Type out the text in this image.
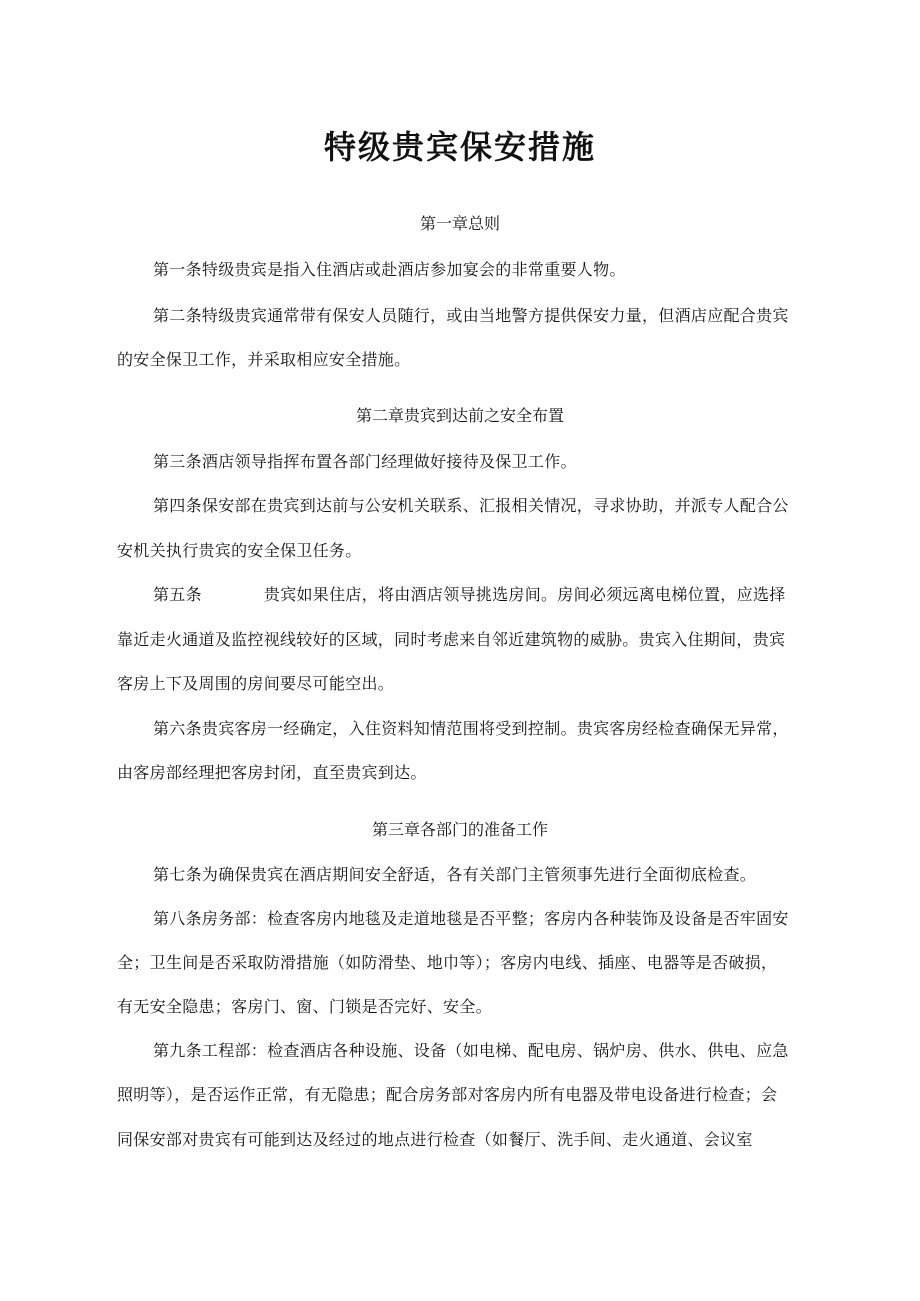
特级贵宾保安措施

第一章总则

第一条特级贵宾是指入住酒店或赴酒店参加宴会的非常重要人物。

第二条特级贵宾通常带有保安人员随行，或由当地警方提供保安力量，但酒店应配合贵宾

的安全保卫工作，并采取相应安全措施。

第二章贵宾到达前之安全布置

第三条酒店领导指挥布置各部门经理做好接待及保卫工作。

第四条保安部在贵宾到达前与公安机关联系、汇报相关情况，寻求协助，并派专人配合公

安机关执行贵宾的安全保卫任务。

第五条	贵宾如果住店，将由酒店领导挑选房间。房间必须远离电梯位置，应选择

靠近走火通道及监控视线较好的区域，同时考虑来自邻近建筑物的威胁。贵宾入住期间，贵宾

客房上下及周围的房间要尽可能空出。

第六条贵宾客房一经确定，入住资料知情范围将受到控制。贵宾客房经检查确保无异常，

由客房部经理把客房封闭，直至贵宾到达。

第三章各部门的准备工作

第七条为确保贵宾在酒店期间安全舒适，各有关部门主管须事先进行全面彻底检查。

第八条房务部：检查客房内地毯及走道地毯是否平整；客房内各种装饰及设备是否牢固安

全；卫生间是否采取防滑措施（如防滑垫、地巾等）；客房内电线、插座、电器等是否破损，

有无安全隐患；客房门、窗、门锁是否完好、安全。

第九条工程部：检查酒店各种设施、设备（如电梯、配电房、锅炉房、供水、供电、应急

照明等），是否运作正常，有无隐患；配合房务部对客房内所有电器及带电设备进行检查；会

同保安部对贵宾有可能到达及经过的地点进行检查（如餐厅、洗手间、走火通道、会议室
